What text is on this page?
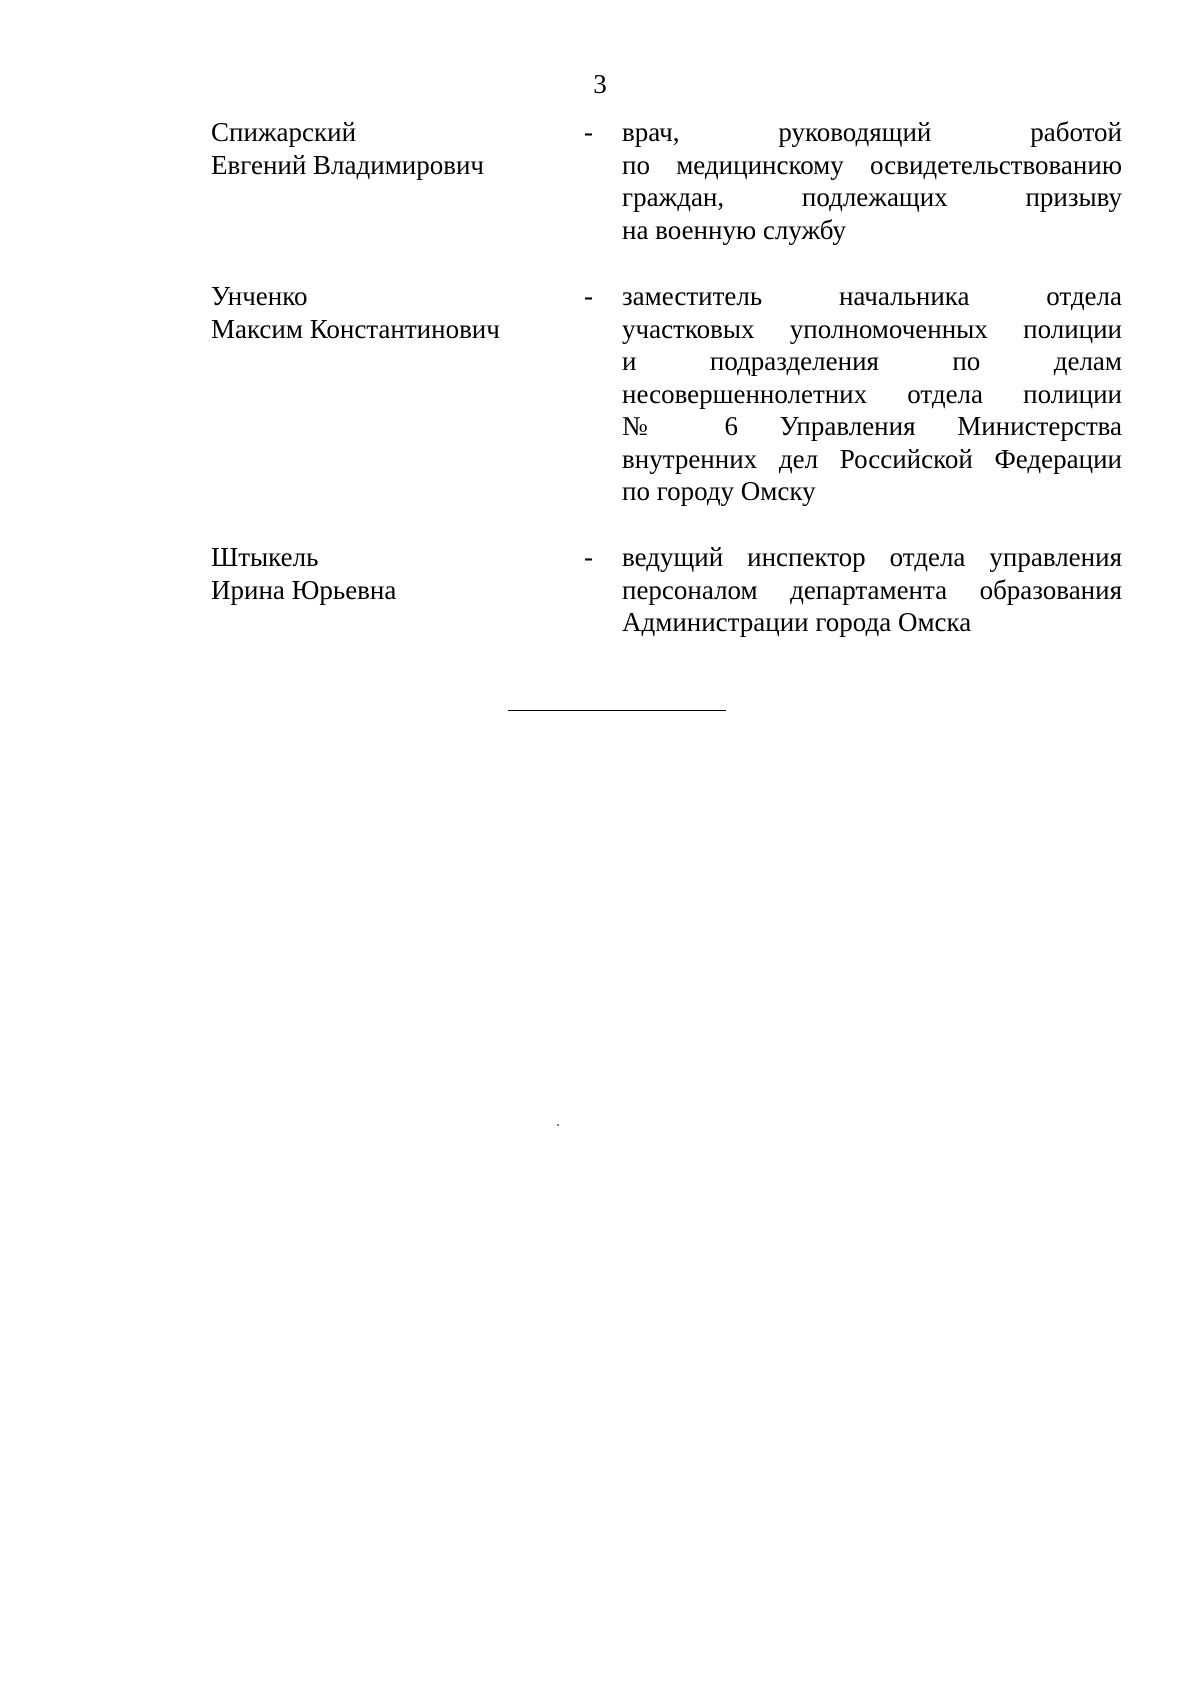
3
Спижарский
Евгений Владимирович
- врач, руководящий работой
по медицинскому освидетельствованию
граждан, подлежащих призыву
на военную службу
Унченко
Максим Константинович
- заместитель начальника отдела
участковых уполномоченных полиции
и подразделения по делам
несовершеннолетних отдела полиции
№ 6 Управления Министерства
внутренних дел Российской Федерации
по городу Омску
Штыкель
Ирина Юрьевна
- ведущий инспектор отдела управления
персоналом департамента образования
Администрации города Омска
